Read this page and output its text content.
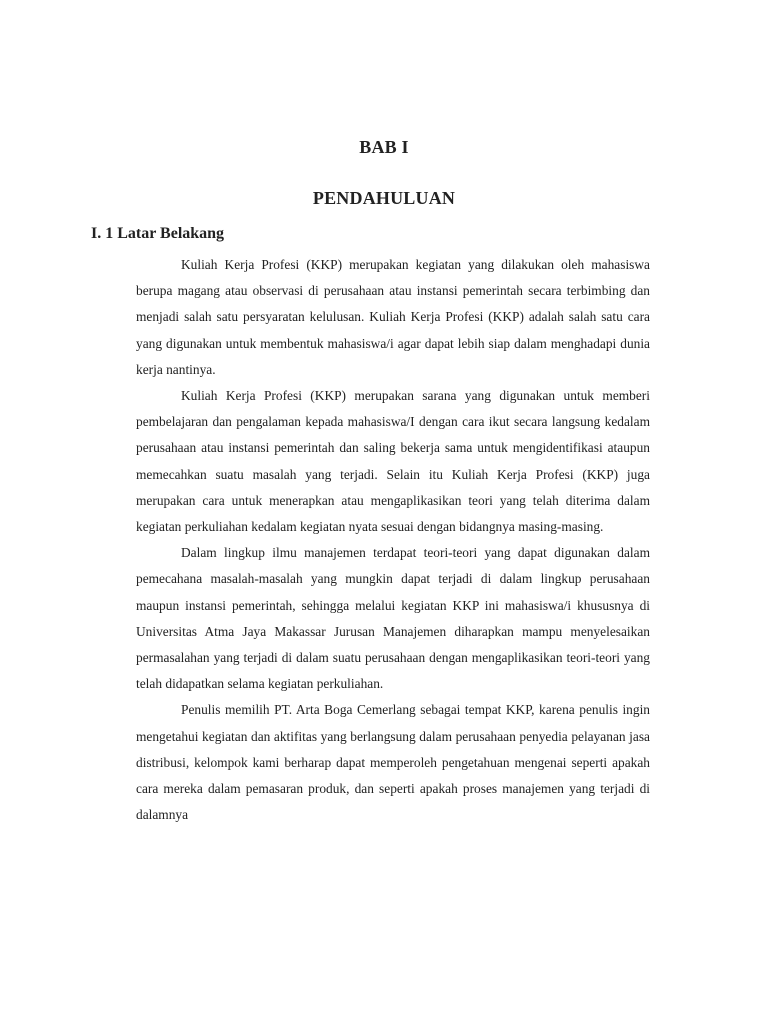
BAB I
PENDAHULUAN
I. 1 Latar Belakang

Kuliah Kerja Profesi (KKP) merupakan kegiatan yang dilakukan oleh mahasiswa berupa magang atau observasi di perusahaan atau instansi pemerintah secara terbimbing dan menjadi salah satu persyaratan kelulusan. Kuliah Kerja Profesi (KKP) adalah salah satu cara yang digunakan untuk membentuk mahasiswa/i agar dapat lebih siap dalam menghadapi dunia kerja nantinya.

Kuliah Kerja Profesi (KKP) merupakan sarana yang digunakan untuk memberi pembelajaran dan pengalaman kepada mahasiswa/I dengan cara ikut secara langsung kedalam perusahaan atau instansi pemerintah dan saling bekerja sama untuk mengidentifikasi ataupun memecahkan suatu masalah yang terjadi. Selain itu Kuliah Kerja Profesi (KKP) juga merupakan cara untuk menerapkan atau mengaplikasikan teori yang telah diterima dalam kegiatan perkuliahan kedalam kegiatan nyata sesuai dengan bidangnya masing-masing.

Dalam lingkup ilmu manajemen terdapat teori-teori yang dapat digunakan dalam pemecahana masalah-masalah yang mungkin dapat terjadi di dalam lingkup perusahaan maupun instansi pemerintah, sehingga melalui kegiatan KKP ini mahasiswa/i khususnya di Universitas Atma Jaya Makassar Jurusan Manajemen diharapkan mampu menyelesaikan permasalahan yang terjadi di dalam suatu perusahaan dengan mengaplikasikan teori-teori yang telah didapatkan selama kegiatan perkuliahan.

Penulis memilih PT. Arta Boga Cemerlang sebagai tempat KKP, karena penulis ingin mengetahui kegiatan dan aktifitas yang berlangsung dalam perusahaan penyedia pelayanan jasa distribusi, kelompok kami berharap dapat memperoleh pengetahuan mengenai seperti apakah cara mereka dalam pemasaran produk, dan seperti apakah proses manajemen yang terjadi di dalamnya
